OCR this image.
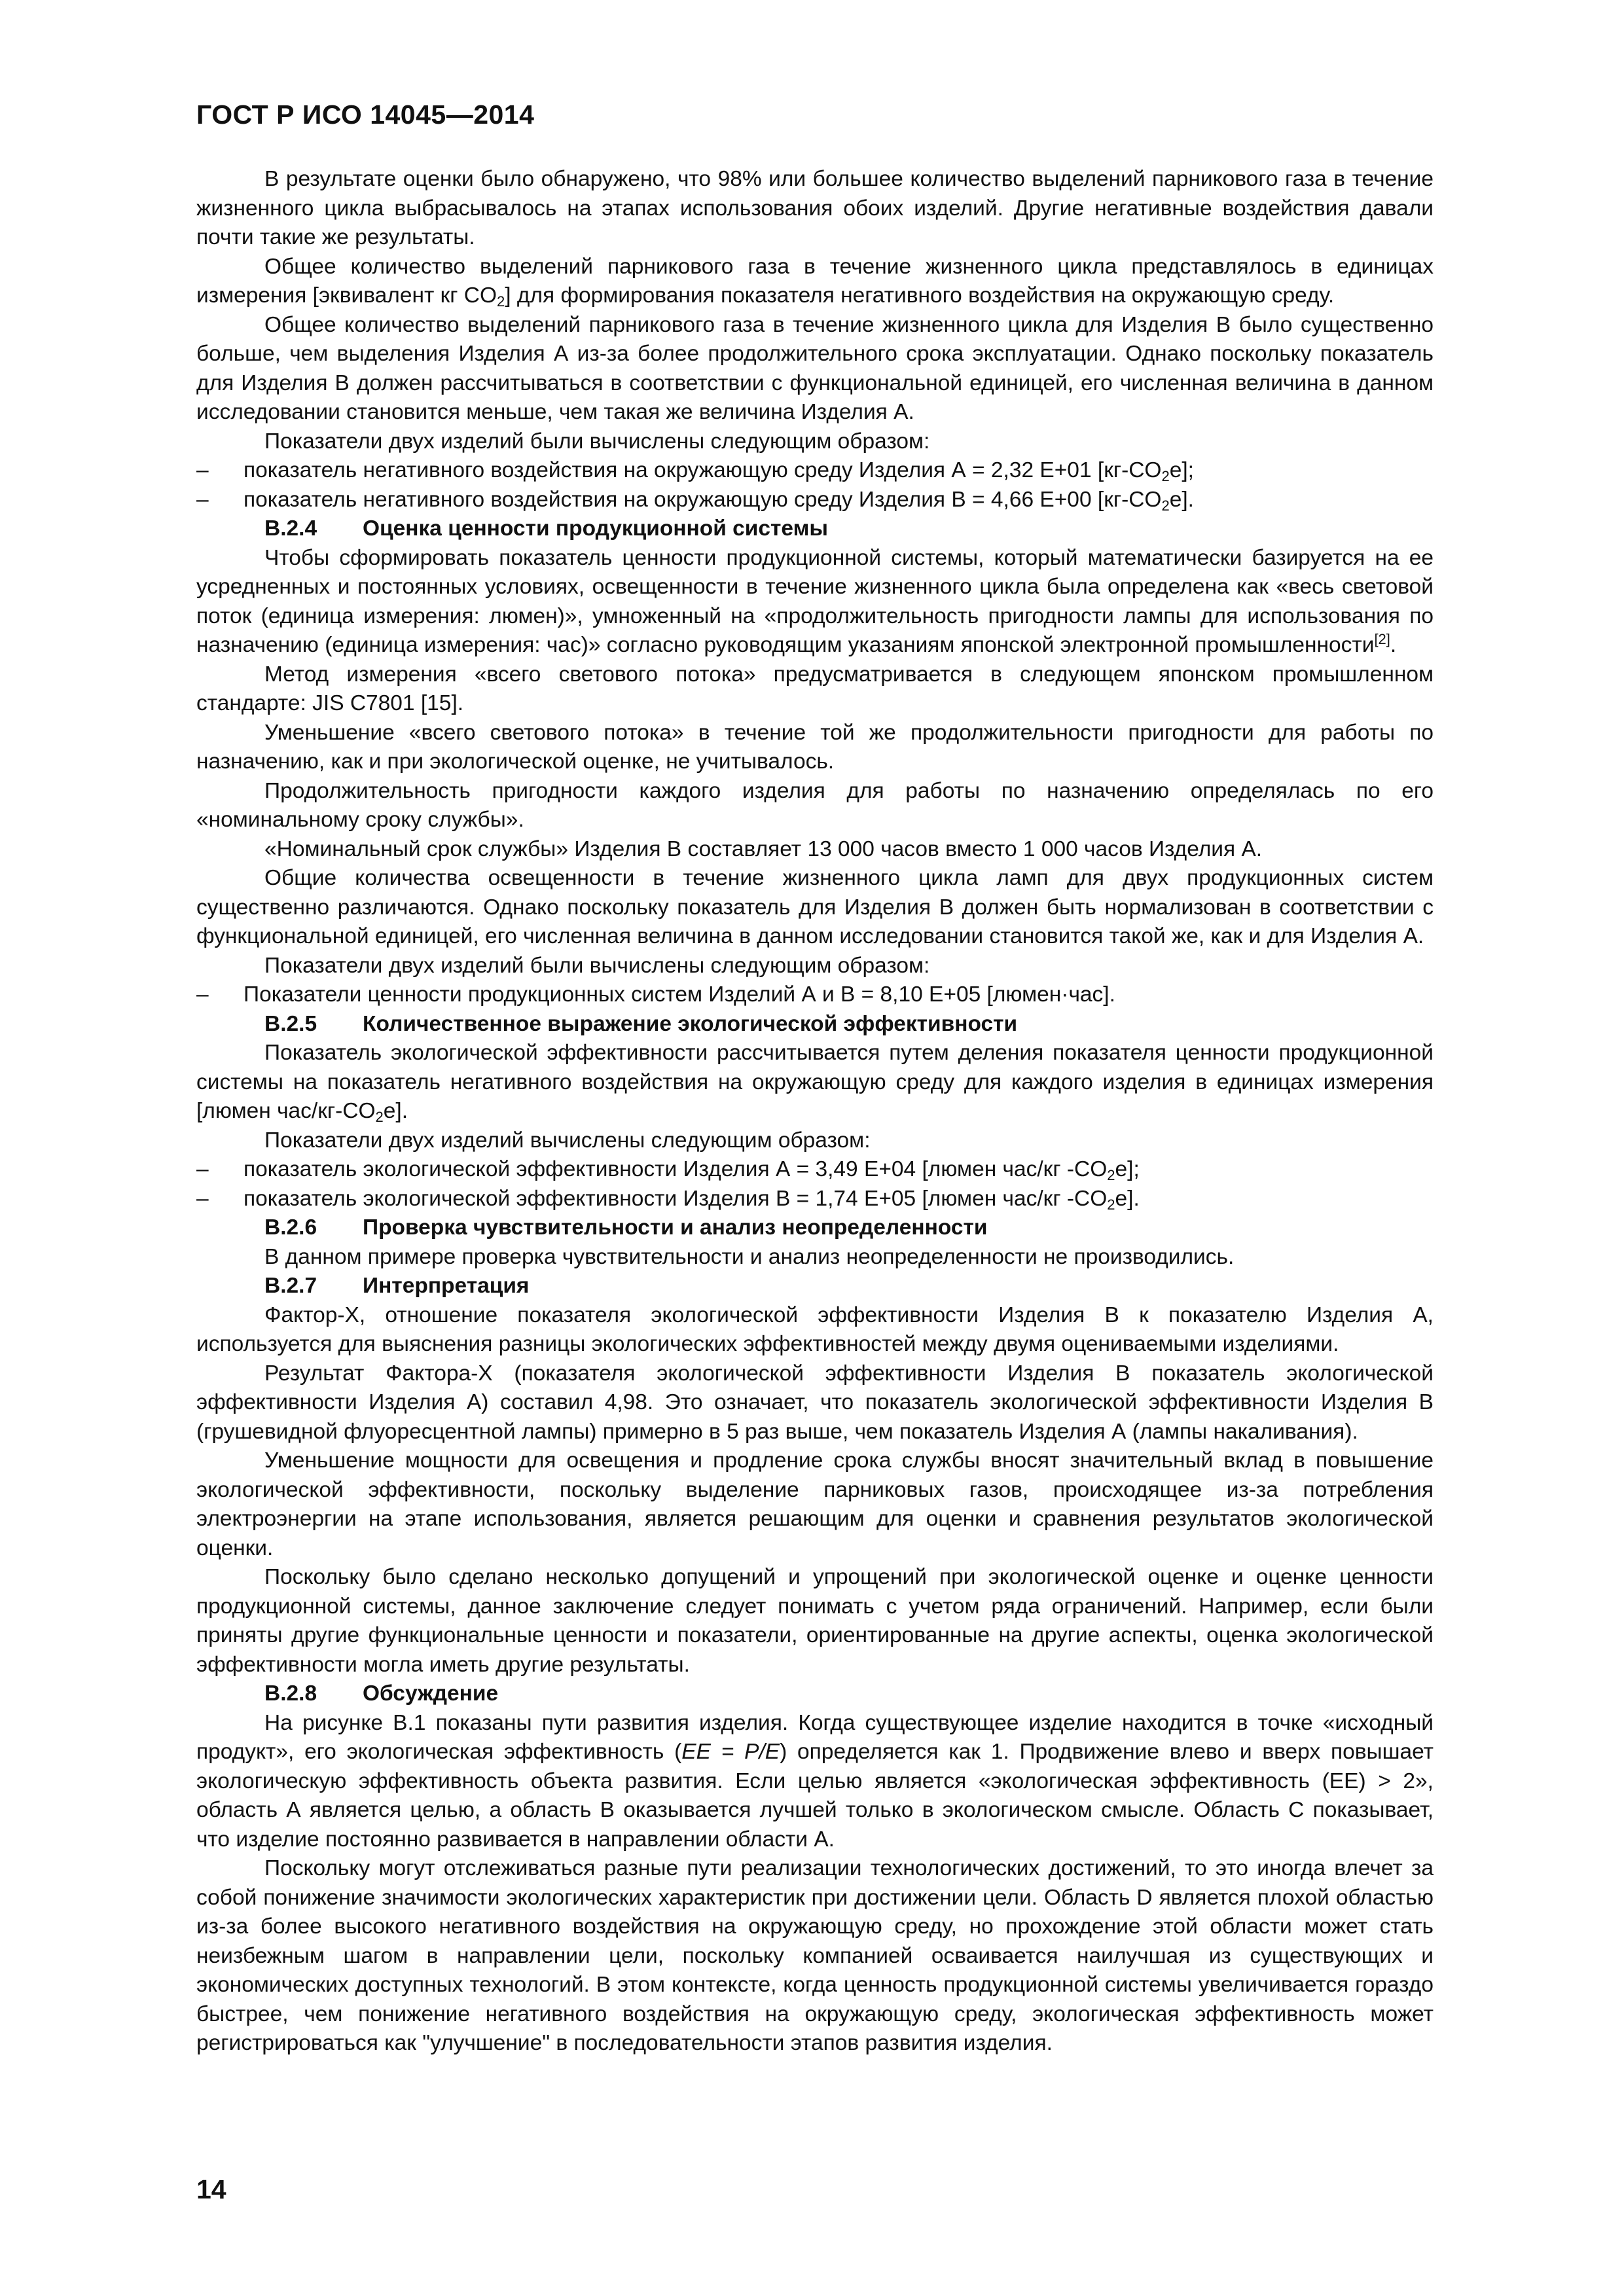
ГОСТ Р ИСО 14045—2014

В результате оценки было обнаружено, что 98% или большее количество выделений парникового газа в течение жизненного цикла выбрасывалось на этапах использования обоих изделий. Другие негативные воздействия давали почти такие же результаты.

Общее количество выделений парникового газа в течение жизненного цикла представлялось в единицах измерения [эквивалент кг $CO_2$] для формирования показателя негативного воздействия на окружающую среду.

Общее количество выделений парникового газа в течение жизненного цикла для Изделия В было существенно больше, чем выделения Изделия А из-за более продолжительного срока эксплуатации. Однако поскольку показатель для Изделия В должен рассчитываться в соответствии с функциональной единицей, его численная величина в данном исследовании становится меньше, чем такая же величина Изделия А.

Показатели двух изделий были вычислены следующим образом:

–	показатель негативного воздействия на окружающую среду Изделия А = 2,32 Е+01 $[кг-CO_2e]$;
–	показатель негативного воздействия на окружающую среду Изделия В = 4,66 Е+00 $[кг-CO_2e]$.
В.2.4 Оценка ценности продукционной системы

Чтобы сформировать показатель ценности продукционной системы, который математически базируется на ее усредненных и постоянных условиях, освещенности в течение жизненного цикла была определена как «весь световой поток (единица измерения: люмен)», умноженный на «продолжительность пригодности лампы для использования по назначению (единица измерения: час)» согласно руководящим указаниям японской электронной промышленности[2].

Метод измерения «всего светового потока» предусматривается в следующем японском промышленном стандарте: JIS C7801 [15].

Уменьшение «всего светового потока» в течение той же продолжительности пригодности для работы по назначению, как и при экологической оценке, не учитывалось.

Продолжительность пригодности каждого изделия для работы по назначению определялась по его «номинальному сроку службы».

«Номинальный срок службы» Изделия В составляет 13 000 часов вместо 1 000 часов Изделия А.

Общие количества освещенности в течение жизненного цикла ламп для двух продукционных систем существенно различаются. Однако поскольку показатель для Изделия В должен быть нормализован в соответствии с функциональной единицей, его численная величина в данном исследовании становится такой же, как и для Изделия А.

Показатели двух изделий были вычислены следующим образом:

–	Показатели ценности продукционных систем Изделий А и В = 8,10 Е+05 [люмен·час].
В.2.5 Количественное выражение экологической эффективности

Показатель экологической эффективности рассчитывается путем деления показателя ценности продукционной системы на показатель негативного воздействия на окружающую среду для каждого изделия в единицах измерения [люмен час/$кг-CO_2e$].

Показатели двух изделий вычислены следующим образом:

–	показатель экологической эффективности Изделия А = 3,49 Е+04 [люмен час/кг $-CO_2e$];
–	показатель экологической эффективности Изделия В = 1,74 Е+05 [люмен час/кг $-CO_2e$].
В.2.6 Проверка чувствительности и анализ неопределенности

В данном примере проверка чувствительности и анализ неопределенности не производились.

В.2.7 Интерпретация

Фактор-X, отношение показателя экологической эффективности Изделия В к показателю Изделия А, используется для выяснения разницы экологических эффективностей между двумя оцениваемыми изделиями.

Результат Фактора-X (показателя экологической эффективности Изделия В показатель экологической эффективности Изделия А) составил 4,98. Это означает, что показатель экологической эффективности Изделия В (грушевидной флуоресцентной лампы) примерно в 5 раз выше, чем показатель Изделия А (лампы накаливания).

Уменьшение мощности для освещения и продление срока службы вносят значительный вклад в повышение экологической эффективности, поскольку выделение парниковых газов, происходящее из-за потребления электроэнергии на этапе использования, является решающим для оценки и сравнения результатов экологической оценки.

Поскольку было сделано несколько допущений и упрощений при экологической оценке и оценке ценности продукционной системы, данное заключение следует понимать с учетом ряда ограничений. Например, если были приняты другие функциональные ценности и показатели, ориентированные на другие аспекты, оценка экологической эффективности могла иметь другие результаты.

В.2.8 Обсуждение

На рисунке В.1 показаны пути развития изделия. Когда существующее изделие находится в точке «исходный продукт», его экологическая эффективность (EE = P/E) определяется как 1. Продвижение влево и вверх повышает экологическую эффективность объекта развития. Если целью является «экологическая эффективность (ЕЕ) > 2», область А является целью, а область В оказывается лучшей только в экологическом смысле. Область С показывает, что изделие постоянно развивается в направлении области А.

Поскольку могут отслеживаться разные пути реализации технологических достижений, то это иногда влечет за собой понижение значимости экологических характеристик при достижении цели. Область D является плохой областью из-за более высокого негативного воздействия на окружающую среду, но прохождение этой области может стать неизбежным шагом в направлении цели, поскольку компанией осваивается наилучшая из существующих и экономических доступных технологий. В этом контексте, когда ценность продукционной системы увеличивается гораздо быстрее, чем понижение негативного воздействия на окружающую среду, экологическая эффективность может регистрироваться как "улучшение" в последовательности этапов развития изделия.

14
